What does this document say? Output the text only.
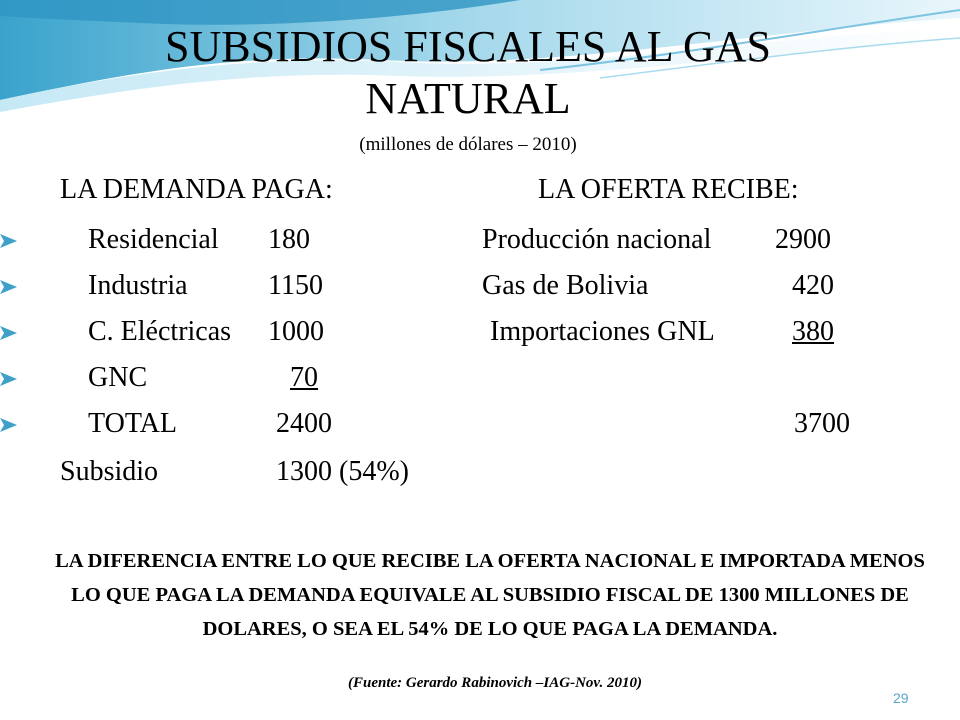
SUBSIDIOS FISCALES AL GAS
NATURAL
(millones de dólares – 2010)
LA DEMANDA PAGA:	LA OFERTA RECIBE:
Residencial 180	Producción nacional 2900
Industria	1150	Gas de Bolivia	420
C. Eléctricas 1000	Importaciones GNL	380
GNC	70
TOTAL	2400	3700
Subsidio	1300 (54%)
LA DIFERENCIA ENTRE LO QUE RECIBE LA OFERTA NACIONAL E IMPORTADA MENOS LO QUE PAGA LA DEMANDA EQUIVALE AL SUBSIDIO FISCAL DE 1300 MILLONES DE DOLARES, O SEA EL 54% DE LO QUE PAGA LA DEMANDA.
(Fuente: Gerardo Rabinovich –IAG-Nov. 2010)
29
